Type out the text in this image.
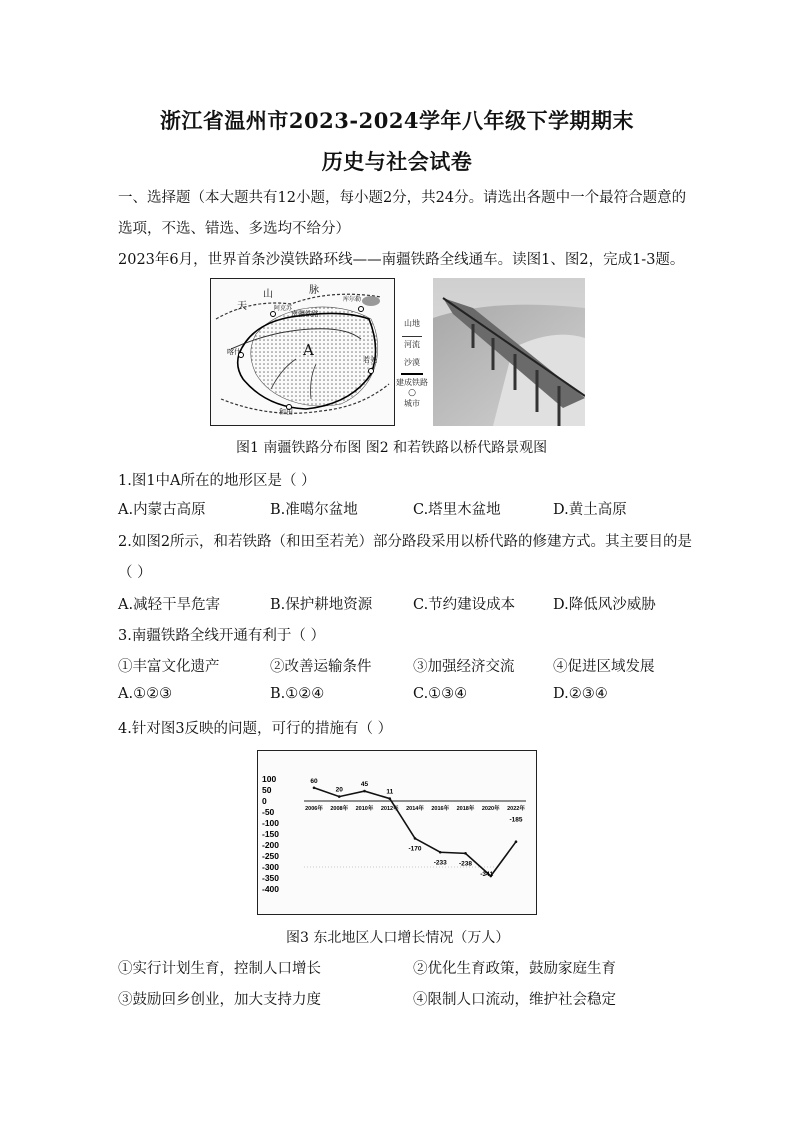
浙江省温州市2023-2024学年八年级下学期期末
历史与社会试卷
一、选择题（本大题共有12小题，每小题2分，共24分。请选出各题中一个最符合题意的
选项，不选、错选、多选均不给分）
2023年6月，世界首条沙漠铁路环线——南疆铁路全线通车。读图1、图2，完成1-3题。
天
山	脉
阿克苏
南疆铁路
库尔勒
A
喀什
若羌
和田
山地
河流
沙漠
建成铁路
○
城市
图1 南疆铁路分布图 图2 和若铁路以桥代路景观图
1.图1中A所在的地形区是（ ）
A.内蒙古高原	B.准噶尔盆地	C.塔里木盆地	D.黄土高原
2.如图2所示，和若铁路（和田至若羌）部分路段采用以桥代路的修建方式。其主要目的是
（ ）
A.减轻干旱危害	B.保护耕地资源	C.节约建设成本	D.降低风沙威胁
3.南疆铁路全线开通有利于（ ）
①丰富文化遗产	②改善运输条件	③加强经济交流	④促进区域发展
A.①②③	B.①②④	C.①③④	D.②③④
4.针对图3反映的问题，可行的措施有（ ）
100
50
0
-50
-100
-150
-200
-250
-300
-350
-400
2006年 2008年 2010年 2012年 2014年 2016年 2018年 2020年 2022年
60
20
45
11
-170
-233 -238
-341
-185
图3 东北地区人口增长情况（万人）
①实行计划生育，控制人口增长	②优化生育政策，鼓励家庭生育
③鼓励回乡创业，加大支持力度	④限制人口流动，维护社会稳定
